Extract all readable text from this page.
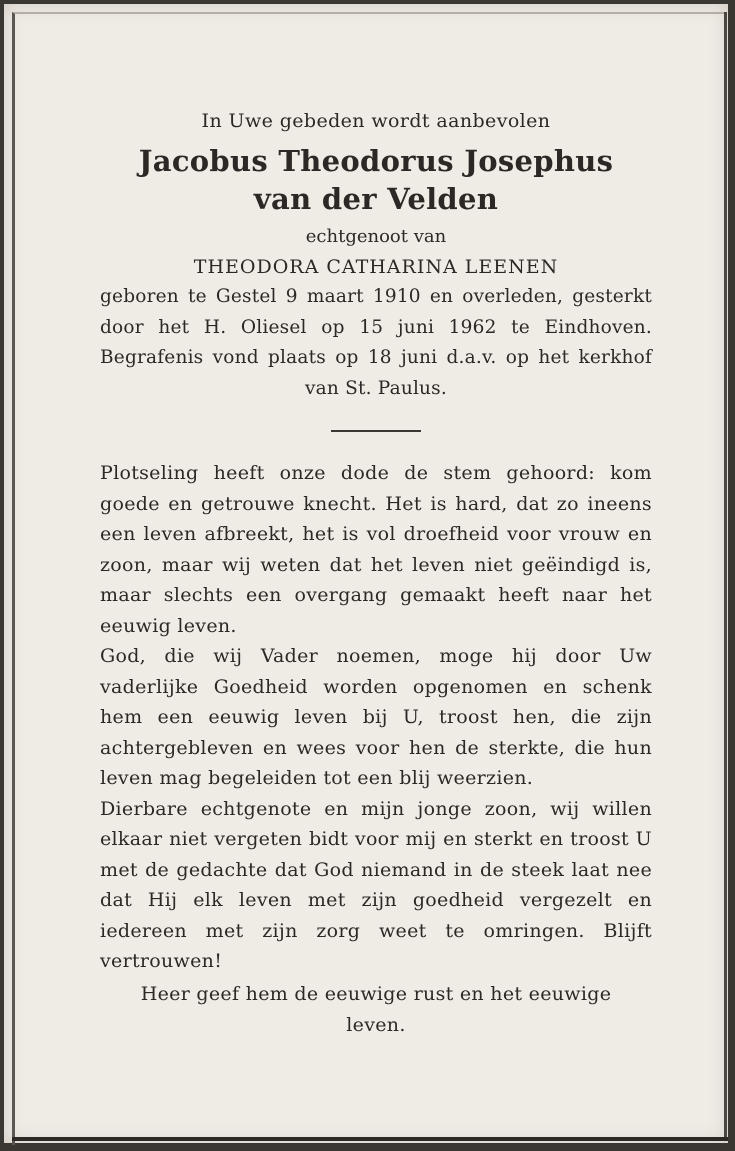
In Uwe gebeden wordt aanbevolen

Jacobus Theodorus Josephus

van der Velden

echtgenoot van
THEODORA CATHARINA LEENEN
geboren te Gestel 9 maart 1910 en overleden, gesterkt door het H. Oliesel op 15 juni 1962 te Eindhoven. Begrafenis vond plaats op 18 juni d.a.v. op het kerkhof van St. Paulus.

Plotseling heeft onze dode de stem gehoord: kom goede en getrouwe knecht. Het is hard, dat zo ineens een leven afbreekt, het is vol droefheid voor vrouw en zoon, maar wij weten dat het leven niet geëindigd is, maar slechts een overgang gemaakt heeft naar het eeuwig leven.

God, die wij Vader noemen, moge hij door Uw vaderlijke Goedheid worden opgenomen en schenk hem een eeuwig leven bij U, troost hen, die zijn achtergebleven en wees voor hen de sterkte, die hun leven mag begeleiden tot een blij weerzien.

Dierbare echtgenote en mijn jonge zoon, wij willen elkaar niet vergeten bidt voor mij en sterkt en troost U met de gedachte dat God niemand in de steek laat nee dat Hij elk leven met zijn goedheid vergezelt en iedereen met zijn zorg weet te omringen. Blijft vertrouwen!

Heer geef hem de eeuwige rust en het eeuwige leven.
